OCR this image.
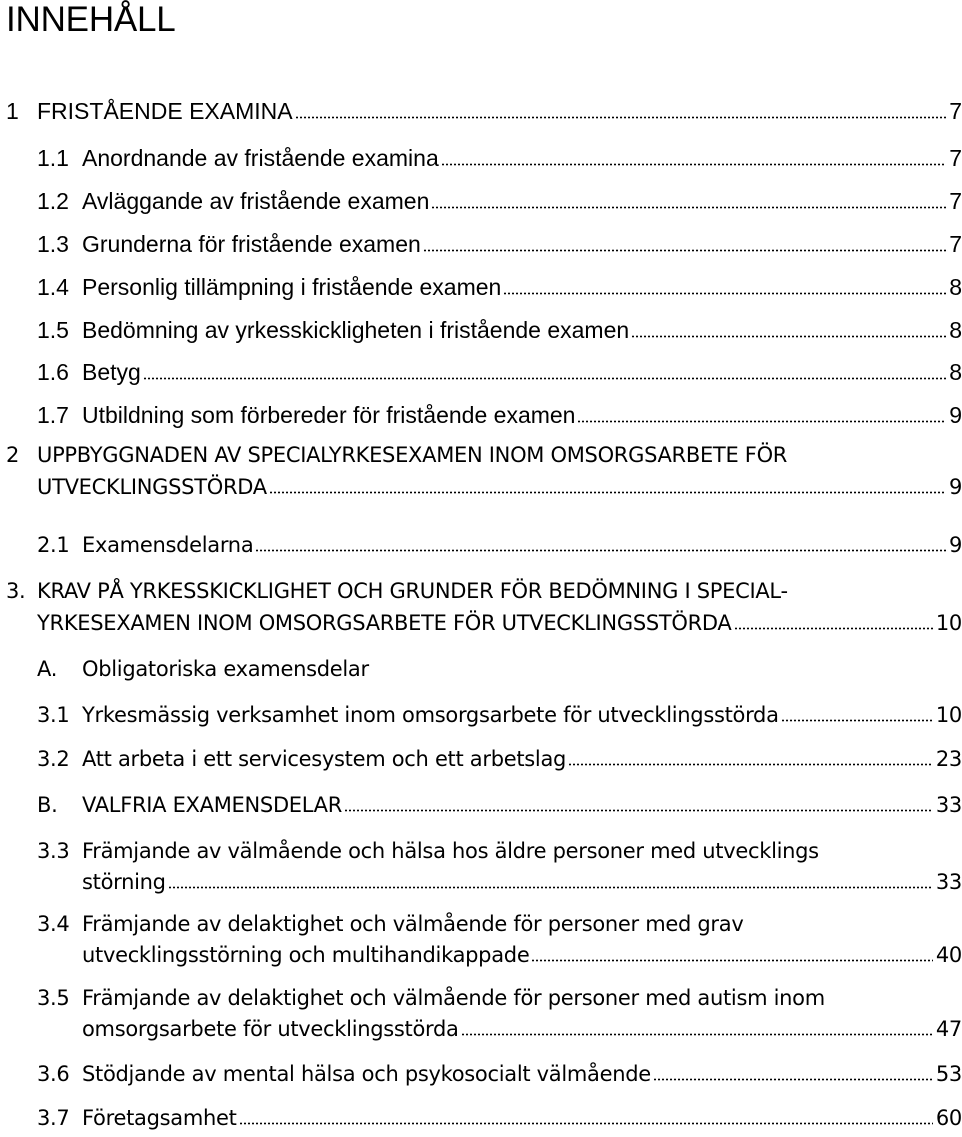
INNEHÅLL
1 FRISTÅENDE EXAMINA	7
1.1 Anordnande av fristående examina	7
1.2 Avläggande av fristående examen	7
1.3 Grunderna för fristående examen	7
1.4 Personlig tillämpning i fristående examen	8
1.5 Bedömning av yrkesskickligheten i fristående examen	8
1.6 Betyg	8
1.7 Utbildning som förbereder för fristående examen	9
2 UPPBYGGNADEN AV SPECIALYRKESEXAMEN INOM OMSORGSARBETE FÖR
UTVECKLINGSSTÖRDA	9
2.1 Examensdelarna	9
3. KRAV PÅ YRKESSKICKLIGHET OCH GRUNDER FÖR BEDÖMNING I SPECIAL-
YRKESEXAMEN INOM OMSORGSARBETE FÖR UTVECKLINGSSTÖRDA	10
A. Obligatoriska examensdelar
3.1 Yrkesmässig verksamhet inom omsorgsarbete för utvecklingsstörda	10
3.2 Att arbeta i ett servicesystem och ett arbetslag	23
B. VALFRIA EXAMENSDELAR	33
3.3 Främjande av välmående och hälsa hos äldre personer med utvecklings
störning	33
3.4 Främjande av delaktighet och välmående för personer med grav
utvecklingsstörning och multihandikappade	40
3.5 Främjande av delaktighet och välmående för personer med autism inom
omsorgsarbete för utvecklingsstörda	47
3.6 Stödjande av mental hälsa och psykosocialt välmående	53
3.7 Företagsamhet	60
